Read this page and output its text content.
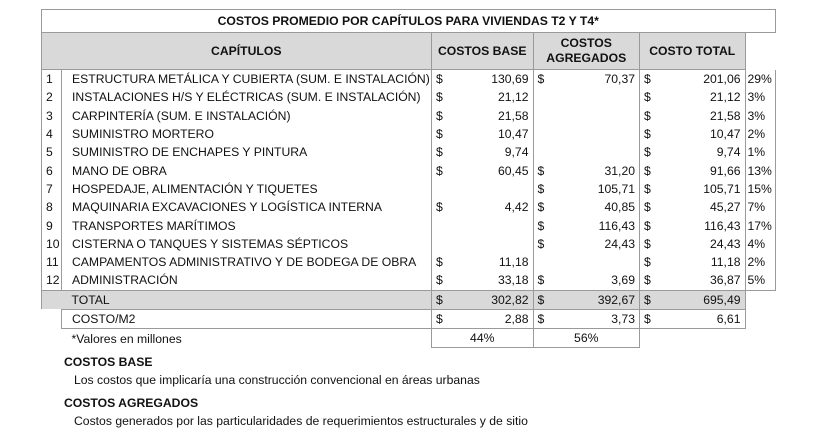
COSTOS PROMEDIO POR CAPÍTULOS PARA VIVIENDAS T2 Y T4*								
	CAPÍTULOS	COSTOS BASE		COSTOS AGREGADOS		COSTO TOTAL		
1	ESTRUCTURA METÁLICA Y CUBIERTA (SUM. E INSTALACIÓN)	$	130,69	$	70,37	$	201,06	29%
2	INSTALACIONES H/S Y ELÉCTRICAS (SUM. E INSTALACIÓN)	$	21,12			$	21,12	3%
3	CARPINTERÍA (SUM. E INSTALACIÓN)	$	21,58			$	21,58	3%
4	SUMINISTRO MORTERO	$	10,47			$	10,47	2%
5	SUMINISTRO DE ENCHAPES Y PINTURA	$	9,74			$	9,74	1%
6	MANO DE OBRA	$	60,45	$	31,20	$	91,66	13%
7	HOSPEDAJE, ALIMENTACIÓN Y TIQUETES			$	105,71	$	105,71	15%
8	MAQUINARIA EXCAVACIONES Y LOGÍSTICA INTERNA	$	4,42	$	40,85	$	45,27	7%
9	TRANSPORTES MARÍTIMOS			$	116,43	$	116,43	17%
10	CISTERNA O TANQUES Y SISTEMAS SÉPTICOS			$	24,43	$	24,43	4%
11	CAMPAMENTOS ADMINISTRATIVO Y DE BODEGA DE OBRA	$	11,18			$	11,18	2%
12	ADMINISTRACIÓN	$	33,18	$	3,69	$	36,87	5%
	TOTAL	$	302,82	$	392,67	$	695,49	
	COSTO/M2	$	2,88	$	3,73	$	6,61	
	*Valores en millones	44%		56%				
COSTOS BASE
Los costos que implicaría una construcción convencional en áreas urbanas
COSTOS AGREGADOS
Costos generados por las particularidades de requerimientos estructurales y de sitio
